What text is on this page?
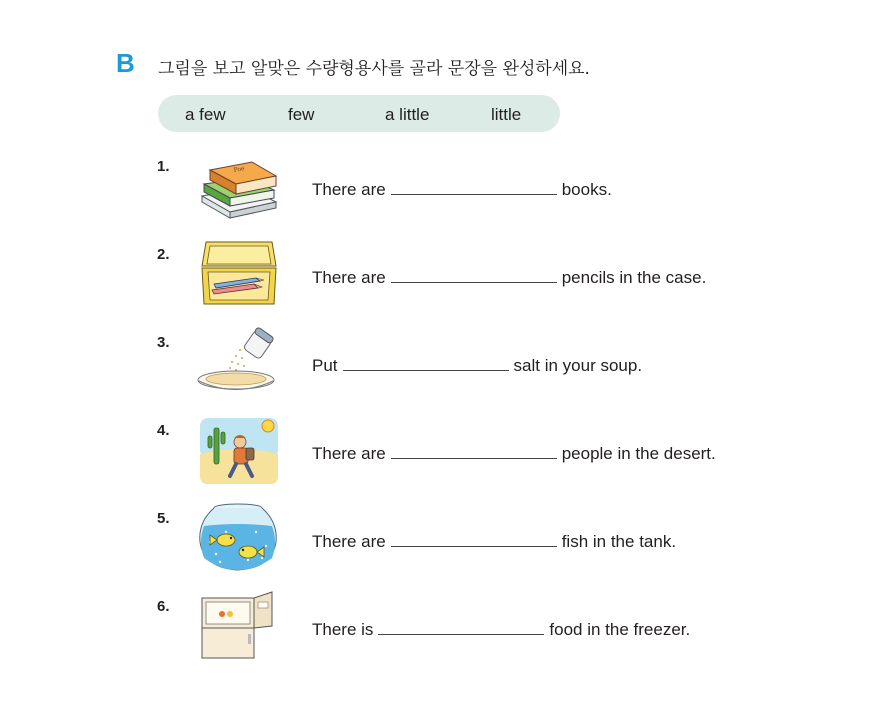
B 그림을 보고 알맞은 수량형용사를 골라 문장을 완성하세요.
a few	few	a little	little
1.	Poe
There are	books.
2.
There are	pencils in the case.
3.
Put	salt in your soup.
4.
There are	people in the desert.
5.
There are	fish in the tank.
6.
There is	food in the freezer.
